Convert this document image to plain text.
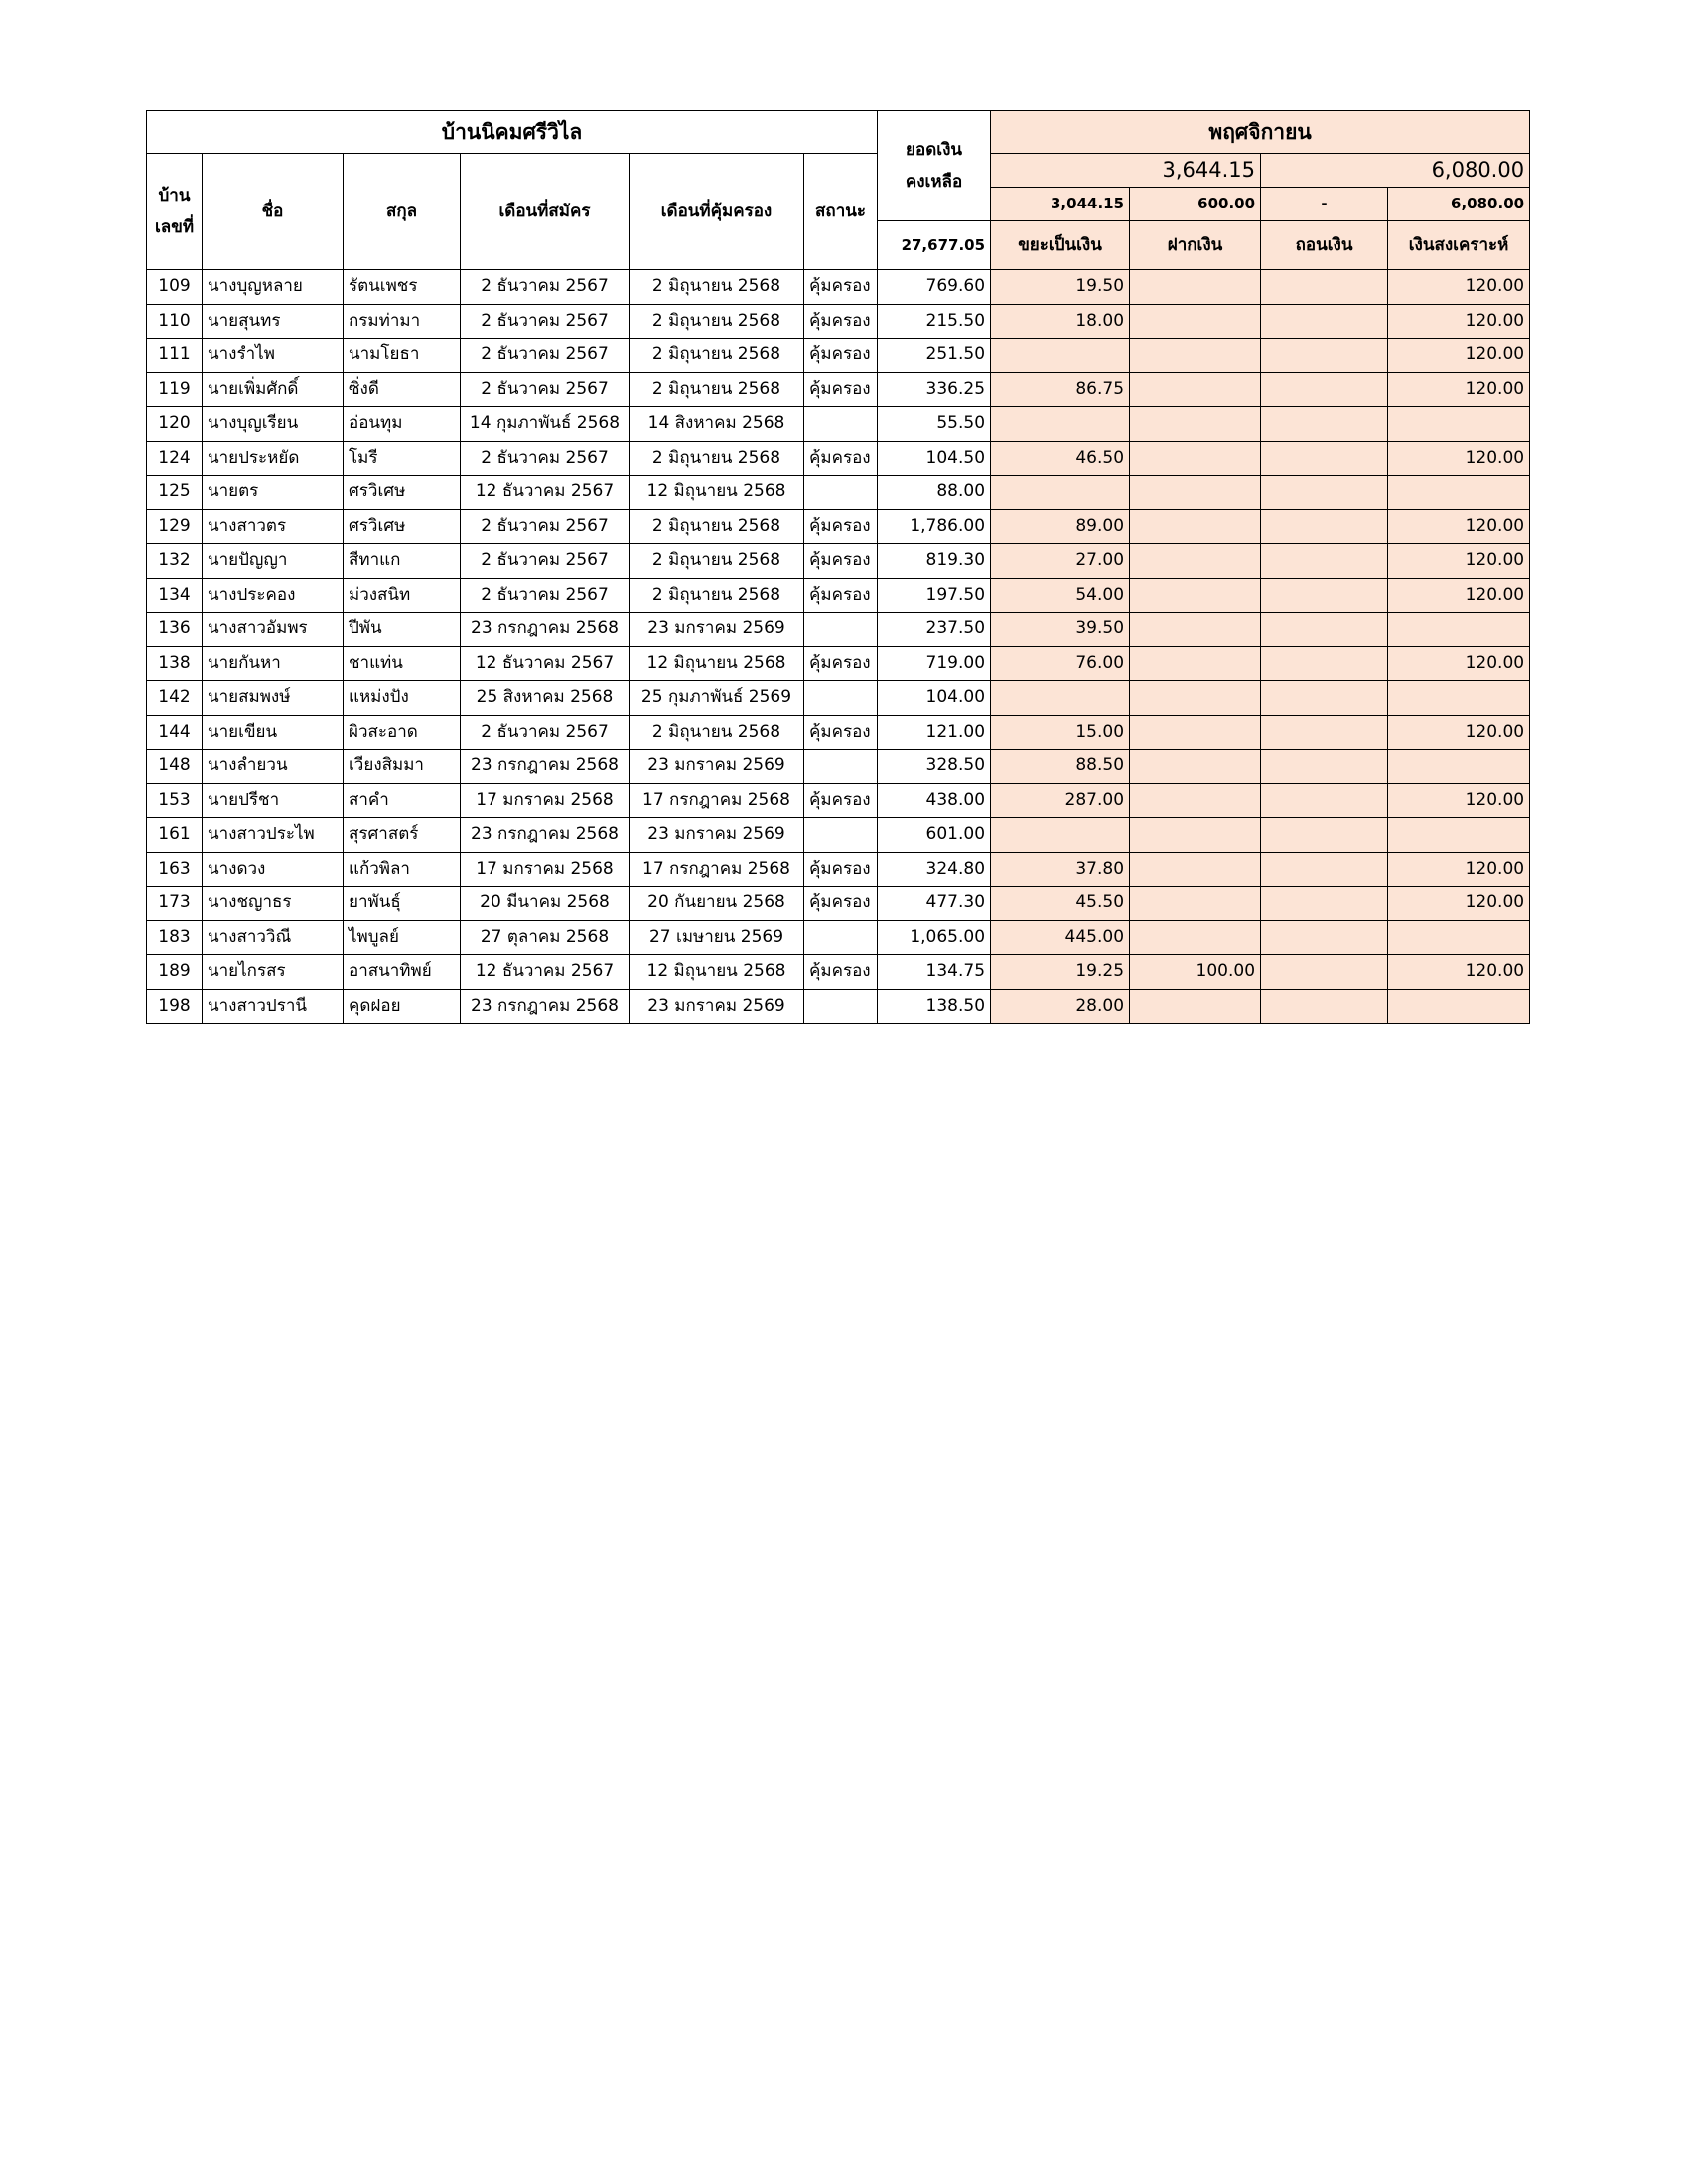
บ้านนิคมศรีวิไล						ยอดเงิน
คงเหลือ	พฤศจิกายน			
บ้าน
เลขที่	ชื่อ	สกุล	เดือนที่สมัคร	เดือนที่คุ้มครอง	สถานะ		3,644.15		6,080.00	
							3,044.15	600.00	-	6,080.00
						27,677.05	ขยะเป็นเงิน	ฝากเงิน	ถอนเงิน	เงินสงเคราะห์
109	นางบุญหลาย	รัตนเพชร	2 ธันวาคม 2567	2 มิถุนายน 2568	คุ้มครอง	769.60	19.50			120.00
110	นายสุนทร	กรมท่ามา	2 ธันวาคม 2567	2 มิถุนายน 2568	คุ้มครอง	215.50	18.00			120.00
111	นางรำไพ	นามโยธา	2 ธันวาคม 2567	2 มิถุนายน 2568	คุ้มครอง	251.50				120.00
119	นายเพิ่มศักดิ์	ซิ่งดี	2 ธันวาคม 2567	2 มิถุนายน 2568	คุ้มครอง	336.25	86.75			120.00
120	นางบุญเรียน	อ่อนทุม	14 กุมภาพันธ์ 2568	14 สิงหาคม 2568		55.50				
124	นายประหยัด	โมรี	2 ธันวาคม 2567	2 มิถุนายน 2568	คุ้มครอง	104.50	46.50			120.00
125	นายตร	ศรวิเศษ	12 ธันวาคม 2567	12 มิถุนายน 2568		88.00				
129	นางสาวตร	ศรวิเศษ	2 ธันวาคม 2567	2 มิถุนายน 2568	คุ้มครอง	1,786.00	89.00			120.00
132	นายปัญญา	สีทาแก	2 ธันวาคม 2567	2 มิถุนายน 2568	คุ้มครอง	819.30	27.00			120.00
134	นางประคอง	ม่วงสนิท	2 ธันวาคม 2567	2 มิถุนายน 2568	คุ้มครอง	197.50	54.00			120.00
136	นางสาวอัมพร	ปีพัน	23 กรกฎาคม 2568	23 มกราคม 2569		237.50	39.50			
138	นายกันหา	ชาแท่น	12 ธันวาคม 2567	12 มิถุนายน 2568	คุ้มครอง	719.00	76.00			120.00
142	นายสมพงษ์	แหม่งปัง	25 สิงหาคม 2568	25 กุมภาพันธ์ 2569		104.00				
144	นายเขียน	ผิวสะอาด	2 ธันวาคม 2567	2 มิถุนายน 2568	คุ้มครอง	121.00	15.00			120.00
148	นางลำยวน	เวียงสิมมา	23 กรกฎาคม 2568	23 มกราคม 2569		328.50	88.50			
153	นายปรีชา	สาคำ	17 มกราคม 2568	17 กรกฎาคม 2568	คุ้มครอง	438.00	287.00			120.00
161	นางสาวประไพ	สุรศาสตร์	23 กรกฎาคม 2568	23 มกราคม 2569		601.00				
163	นางดวง	แก้วพิลา	17 มกราคม 2568	17 กรกฎาคม 2568	คุ้มครอง	324.80	37.80			120.00
173	นางชญาธร	ยาพันธุ์	20 มีนาคม 2568	20 กันยายน 2568	คุ้มครอง	477.30	45.50			120.00
183	นางสาววิณี	ไพบูลย์	27 ตุลาคม 2568	27 เมษายน 2569		1,065.00	445.00			
189	นายไกรสร	อาสนาทิพย์	12 ธันวาคม 2567	12 มิถุนายน 2568	คุ้มครอง	134.75	19.25	100.00		120.00
198	นางสาวปรานี	คุดฝอย	23 กรกฎาคม 2568	23 มกราคม 2569		138.50	28.00			
